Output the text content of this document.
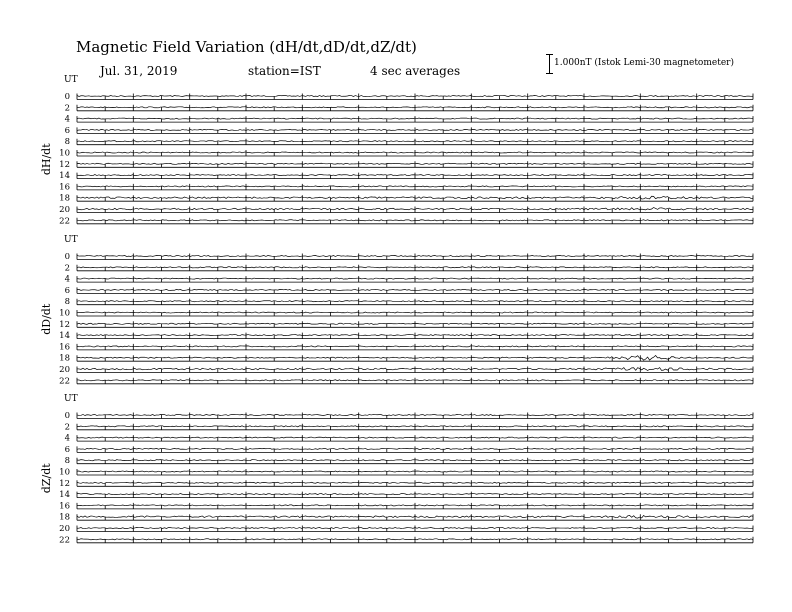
Magnetic Field Variation (dH/dt,dD/dt,dZ/dt)
Jul. 31, 2019	station=IST	4 sec averages
1.000nT (Istok Lemi-30 magnetometer)
UT
dH/dt
0
2
4
6
8
10
12
14
16
18
20
22
UT
dD/dt
0
2
4
6
8
10
12
14
16
18
20
22
UT
dZ/dt
0
2
4
6
8
10
12
14
16
18
20
22
